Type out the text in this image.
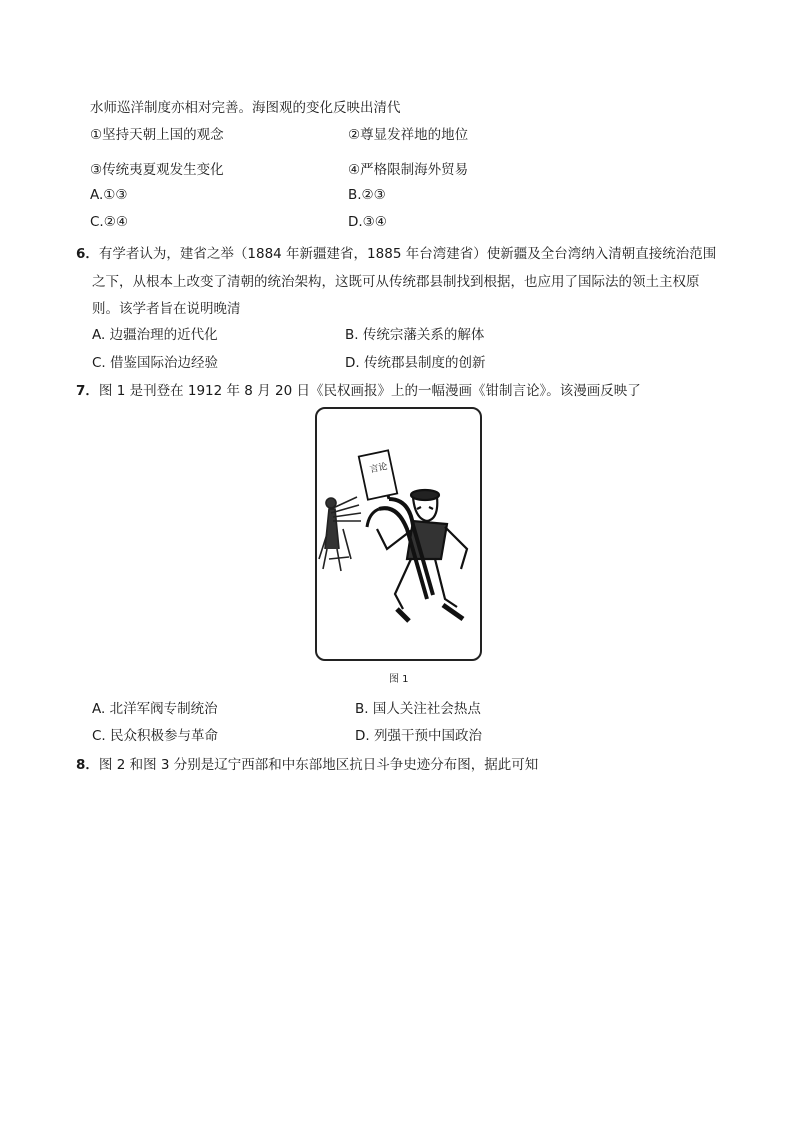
水师巡洋制度亦相对完善。海图观的变化反映出清代
①坚持天朝上国的观念	②尊显发祥地的地位
③传统夷夏观发生变化	④严格限制海外贸易
A.①③	B.②③
C.②④	D.③④
6．有学者认为，建省之举（1884 年新疆建省，1885 年台湾建省）使新疆及全台湾纳入清朝直接统治范围
之下，从根本上改变了清朝的统治架构，这既可从传统郡县制找到根据，也应用了国际法的领土主权原
则。该学者旨在说明晚清
A. 边疆治理的近代化	B. 传统宗藩关系的解体
C. 借鉴国际治边经验	D. 传统郡县制度的创新
7．图 1 是刊登在 1912 年 8 月 20 日《民权画报》上的一幅漫画《钳制言论》。该漫画反映了
言论
图 1
A. 北洋军阀专制统治	B. 国人关注社会热点
C. 民众积极参与革命	D. 列强干预中国政治
8．图 2 和图 3 分别是辽宁西部和中东部地区抗日斗争史迹分布图，据此可知
